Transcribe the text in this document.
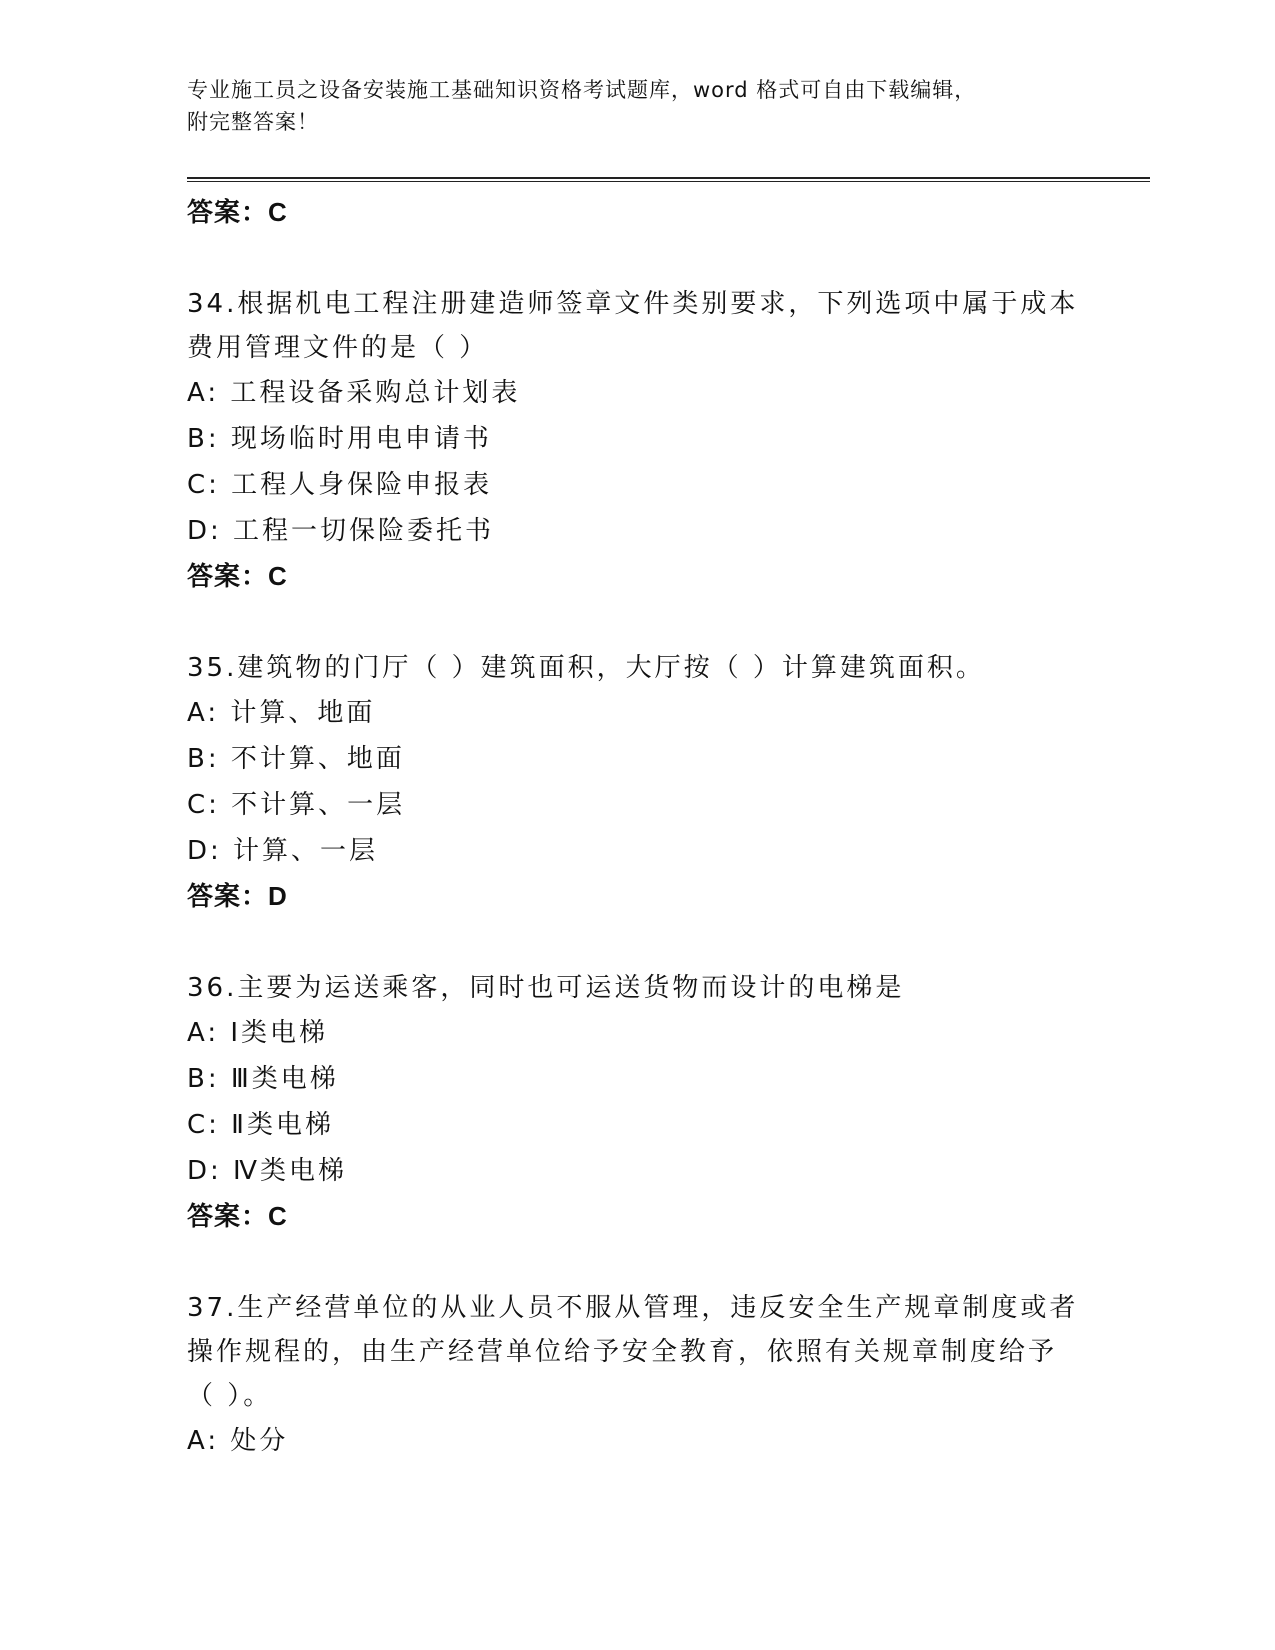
专业施工员之设备安装施工基础知识资格考试题库，word 格式可自由下载编辑，
附完整答案！
答案：C
34.根据机电工程注册建造师签章文件类别要求，下列选项中属于成本
费用管理文件的是（ ）
A: 工程设备采购总计划表
B: 现场临时用电申请书
C: 工程人身保险申报表
D: 工程一切保险委托书
答案：C
35.建筑物的门厅（ ）建筑面积，大厅按（ ）计算建筑面积。
A: 计算、地面
B: 不计算、地面
C: 不计算、一层
D: 计算、一层
答案：D
36.主要为运送乘客，同时也可运送货物而设计的电梯是
A: Ⅰ类电梯
B: Ⅲ类电梯
C: Ⅱ类电梯
D: Ⅳ类电梯
答案：C
37.生产经营单位的从业人员不服从管理，违反安全生产规章制度或者
操作规程的，由生产经营单位给予安全教育，依照有关规章制度给予
（ ）。
A: 处分
